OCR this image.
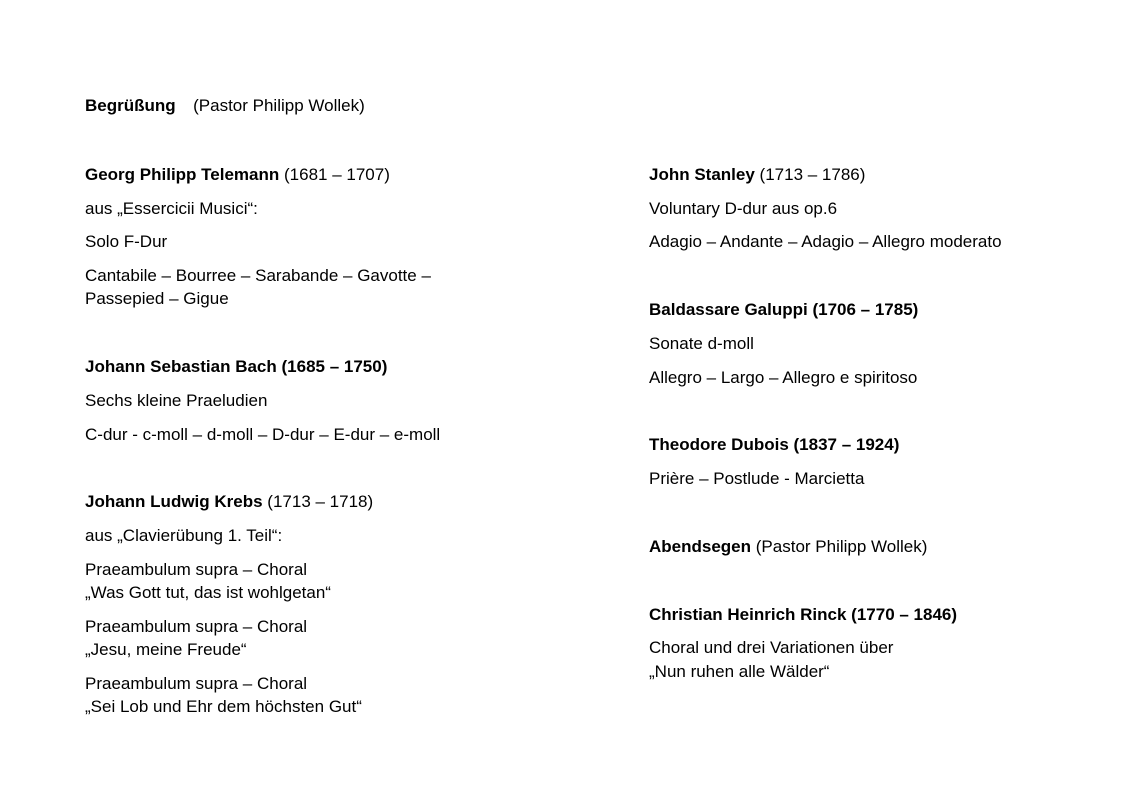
Begrüßung (Pastor Philipp Wollek)
Georg Philipp Telemann (1681 – 1707)
aus „Essercicii Musici“:
Solo F-Dur
Cantabile – Bourree – Sarabande – Gavotte –
Passepied – Gigue
Johann Sebastian Bach (1685 – 1750)
Sechs kleine Praeludien
C-dur - c-moll – d-moll – D-dur – E-dur – e-moll
Johann Ludwig Krebs (1713 – 1718)
aus „Clavierübung 1. Teil“:
Praeambulum supra – Choral
„Was Gott tut, das ist wohlgetan“
Praeambulum supra – Choral
„Jesu, meine Freude“
Praeambulum supra – Choral
„Sei Lob und Ehr dem höchsten Gut“
John Stanley (1713 – 1786)
Voluntary D-dur aus op.6
Adagio – Andante – Adagio – Allegro moderato
Baldassare Galuppi (1706 – 1785)
Sonate d-moll
Allegro – Largo – Allegro e spiritoso
Theodore Dubois (1837 – 1924)
Prière – Postlude - Marcietta
Abendsegen (Pastor Philipp Wollek)
Christian Heinrich Rinck (1770 – 1846)
Choral und drei Variationen über
„Nun ruhen alle Wälder“
